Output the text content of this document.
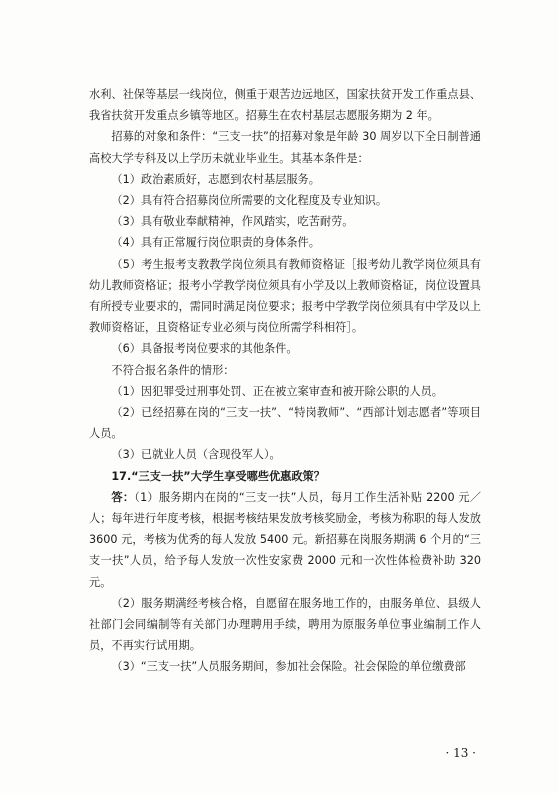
水利、社保等基层一线岗位，侧重于艰苦边远地区，国家扶贫开发工作重点县、我省扶贫开发重点乡镇等地区。招募生在农村基层志愿服务期为 2 年。

招募的对象和条件：“三支一扶”的招募对象是年龄 30 周岁以下全日制普通高校大学专科及以上学历未就业毕业生。其基本条件是：

（1）政治素质好，志愿到农村基层服务。

（2）具有符合招募岗位所需要的文化程度及专业知识。

（3）具有敬业奉献精神，作风踏实，吃苦耐劳。

（4）具有正常履行岗位职责的身体条件。

（5）考生报考支教教学岗位须具有教师资格证［报考幼儿教学岗位须具有幼儿教师资格证；报考小学教学岗位须具有小学及以上教师资格证，岗位设置具有所授专业要求的，需同时满足岗位要求；报考中学教学岗位须具有中学及以上教师资格证，且资格证专业必须与岗位所需学科相符］。

（6）具备报考岗位要求的其他条件。

不符合报名条件的情形：

（1）因犯罪受过刑事处罚、正在被立案审查和被开除公职的人员。

（2）已经招募在岗的“三支一扶”、“特岗教师”、“西部计划志愿者”等项目人员。

（3）已就业人员（含现役军人）。

17.“三支一扶”大学生享受哪些优惠政策？

答：（1）服务期内在岗的“三支一扶”人员，每月工作生活补贴 2200 元／人；每年进行年度考核，根据考核结果发放考核奖励金，考核为称职的每人发放 3600 元，考核为优秀的每人发放 5400 元。新招募在岗服务期满 6 个月的“三支一扶”人员，给予每人发放一次性安家费 2000 元和一次性体检费补助 320 元。

（2）服务期满经考核合格，自愿留在服务地工作的，由服务单位、县级人社部门会同编制等有关部门办理聘用手续，聘用为原服务单位事业编制工作人员，不再实行试用期。

（3）“三支一扶”人员服务期间，参加社会保险。社会保险的单位缴费部

· 13 ·
